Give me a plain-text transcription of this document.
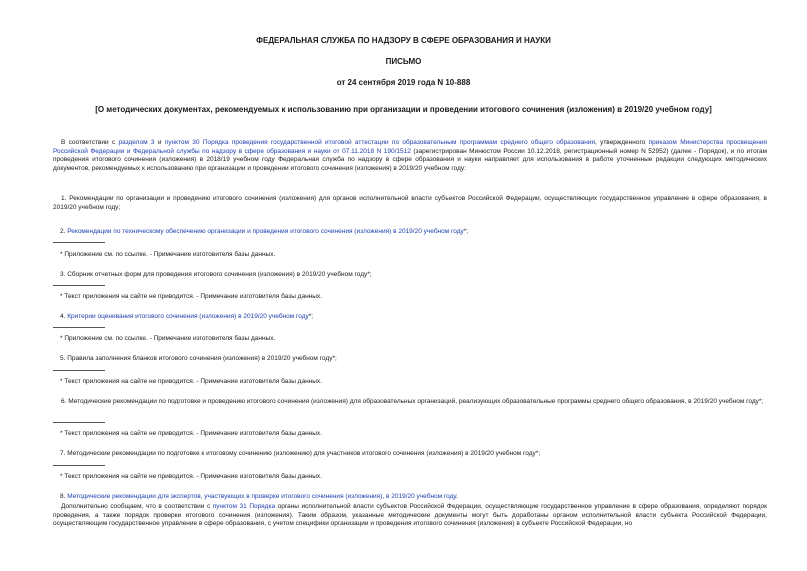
ФЕДЕРАЛЬНАЯ СЛУЖБА ПО НАДЗОРУ В СФЕРЕ ОБРАЗОВАНИЯ И НАУКИ
ПИСЬМО
от 24 сентября 2019 года N 10-888
[О методических документах, рекомендуемых к использованию при организации и проведении итогового сочинения (изложения) в 2019/20 учебном году]
В соответствии с разделом 3 и пунктом 30 Порядка проведения государственной итоговой аттестации по образовательным программам среднего общего образования, утвержденного приказом Министерства просвещения Российской Федерации и Федеральной службы по надзору в сфере образования и науки от 07.11.2018 N 190/1512 (зарегистрирован Минюстом России 10.12.2018, регистрационный номер N 52952) (далее - Порядок), и по итогам проведения итогового сочинения (изложения) в 2018/19 учебном году Федеральная служба по надзору в сфере образования и науки направляет для использования в работе уточненные редакции следующих методических документов, рекомендуемых к использованию при организации и проведении итогового сочинения (изложения) в 2019/20 учебном году:
1. Рекомендации по организации и проведению итогового сочинения (изложения) для органов исполнительной власти субъектов Российской Федерации, осуществляющих государственное управление в сфере образования, в 2019/20 учебном году;
2. Рекомендации по техническому обеспечению организации и проведения итогового сочинения (изложения) в 2019/20 учебном году*;
* Приложение см. по ссылке. - Примечание изготовителя базы данных.
3. Сборник отчетных форм для проведения итогового сочинения (изложения) в 2019/20 учебном году*;
* Текст приложения на сайте не приводится. - Примечание изготовителя базы данных.
4. Критерии оценивания итогового сочинения (изложения) в 2019/20 учебном году*;
* Приложение см. по ссылке. - Примечание изготовителя базы данных.
5. Правила заполнения бланков итогового сочинения (изложения) в 2019/20 учебном году*;
* Текст приложения на сайте не приводится. - Примечание изготовителя базы данных.
6. Методические рекомендации по подготовке и проведению итогового сочинения (изложения) для образовательных организаций, реализующих образовательные программы среднего общего образования, в 2019/20 учебном году*;
* Текст приложения на сайте не приводится. - Примечание изготовителя базы данных.
7. Методические рекомендации по подготовке к итоговому сочинению (изложению) для участников итогового сочинения (изложения) в 2019/20 учебном году*;
* Текст приложения на сайте не приводится. - Примечание изготовителя базы данных.
8. Методические рекомендации для экспертов, участвующих в проверке итогового сочинения (изложения), в 2019/20 учебном году.
Дополнительно сообщаем, что в соответствии с пунктом 31 Порядка органы исполнительной власти субъектов Российской Федерации, осуществляющие государственное управление в сфере образования, определяют порядок проведения, а также порядок проверки итогового сочинения (изложения). Таким образом, указанные методические документы могут быть доработаны органом исполнительной власти субъекта Российской Федерации, осуществляющим государственное управление в сфере образования, с учетом специфики организации и проведения итогового сочинения (изложения) в субъекте Российской Федерации, но
